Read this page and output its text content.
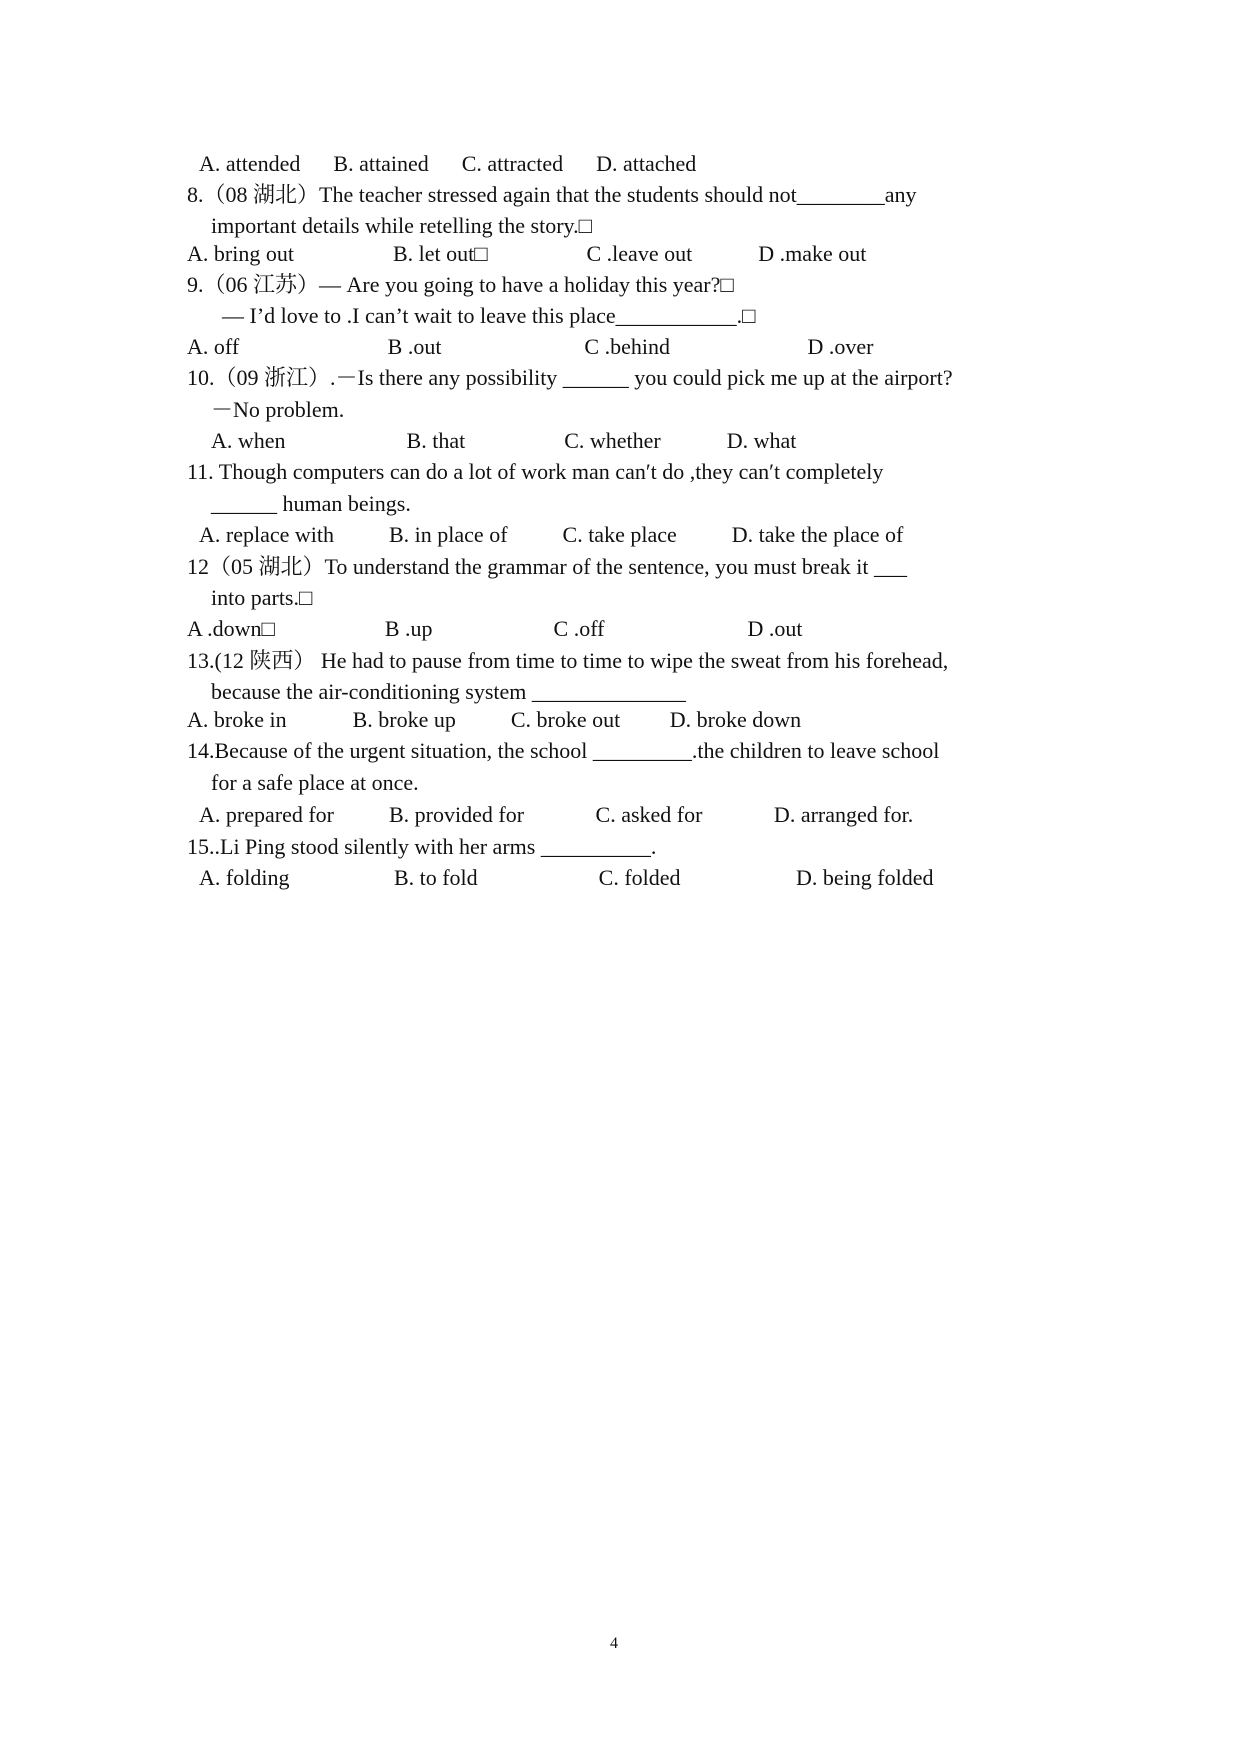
A. attended      B. attained      C. attracted      D. attached
8.（08 湖北）The teacher stressed again that the students should not________any
important details while retelling the story.□
A. bring out                  B. let out□                  C .leave out            D .make out
9.（06 江苏）— Are you going to have a holiday this year?□
— I’d love to .I can’t wait to leave this place___________.□
A. off                           B .out                          C .behind                         D .over
10.（09 浙江）.－Is there any possibility ______ you could pick me up at the airport?
－No problem.
A. when                      B. that                  C. whether            D. what
11. Though computers can do a lot of work man can′t do ,they can′t completely
______ human beings.
A. replace with          B. in place of          C. take place          D. take the place of
12（05 湖北）To understand the grammar of the sentence, you must break it ___
into parts.□
A .down□                    B .up                      C .off                          D .out
13.(12 陕西） He had to pause from time to time to wipe the sweat from his forehead,
because the air-conditioning system ______________
A. broke in            B. broke up          C. broke out         D. broke down
14.Because of the urgent situation, the school _________.the children to leave school
for a safe place at once.
A. prepared for          B. provided for             C. asked for             D. arranged for.
15..Li Ping stood silently with her arms __________.
A. folding                   B. to fold                      C. folded                     D. being folded
4
